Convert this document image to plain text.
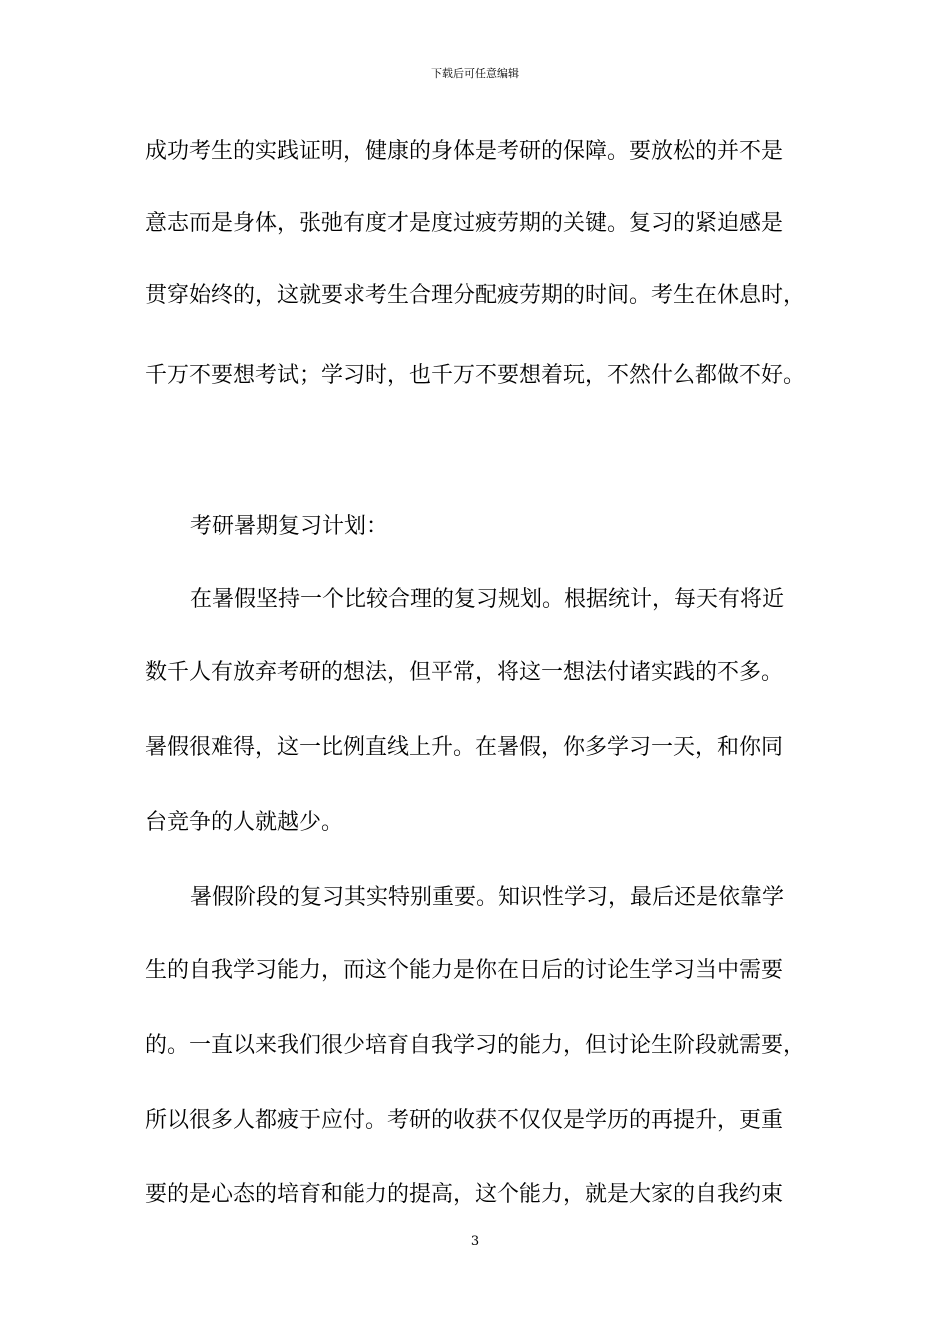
下载后可任意编辑
成功考生的实践证明，健康的身体是考研的保障。要放松的并不是
意志而是身体，张弛有度才是度过疲劳期的关键。复习的紧迫感是
贯穿始终的，这就要求考生合理分配疲劳期的时间。考生在休息时，
千万不要想考试；学习时，也千万不要想着玩，不然什么都做不好。
考研暑期复习计划：
在暑假坚持一个比较合理的复习规划。根据统计，每天有将近
数千人有放弃考研的想法，但平常，将这一想法付诸实践的不多。
暑假很难得，这一比例直线上升。在暑假，你多学习一天，和你同
台竞争的人就越少。
暑假阶段的复习其实特别重要。知识性学习，最后还是依靠学
生的自我学习能力，而这个能力是你在日后的讨论生学习当中需要
的。一直以来我们很少培育自我学习的能力，但讨论生阶段就需要，
所以很多人都疲于应付。考研的收获不仅仅是学历的再提升，更重
要的是心态的培育和能力的提高，这个能力，就是大家的自我约束
3
